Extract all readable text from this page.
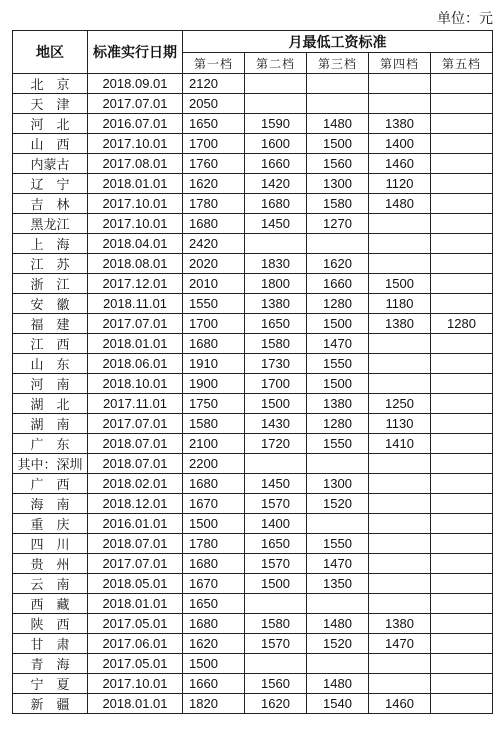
单位：元
地区	标准实行日期	月最低工资标准				
		第一档	第二档	第三档	第四档	第五档
北　京	2018.09.01	2120				
天　津	2017.07.01	2050				
河　北	2016.07.01	1650	1590	1480	1380	
山　西	2017.10.01	1700	1600	1500	1400	
内蒙古	2017.08.01	1760	1660	1560	1460	
辽　宁	2018.01.01	1620	1420	1300	1120	
吉　林	2017.10.01	1780	1680	1580	1480	
黑龙江	2017.10.01	1680	1450	1270		
上　海	2018.04.01	2420				
江　苏	2018.08.01	2020	1830	1620		
浙　江	2017.12.01	2010	1800	1660	1500	
安　徽	2018.11.01	1550	1380	1280	1180	
福　建	2017.07.01	1700	1650	1500	1380	1280
江　西	2018.01.01	1680	1580	1470		
山　东	2018.06.01	1910	1730	1550		
河　南	2018.10.01	1900	1700	1500		
湖　北	2017.11.01	1750	1500	1380	1250	
湖　南	2017.07.01	1580	1430	1280	1130	
广　东	2018.07.01	2100	1720	1550	1410	
其中：深圳	2018.07.01	2200				
广　西	2018.02.01	1680	1450	1300		
海　南	2018.12.01	1670	1570	1520		
重　庆	2016.01.01	1500	1400			
四　川	2018.07.01	1780	1650	1550		
贵　州	2017.07.01	1680	1570	1470		
云　南	2018.05.01	1670	1500	1350		
西　藏	2018.01.01	1650				
陕　西	2017.05.01	1680	1580	1480	1380	
甘　肃	2017.06.01	1620	1570	1520	1470	
青　海	2017.05.01	1500				
宁　夏	2017.10.01	1660	1560	1480		
新　疆	2018.01.01	1820	1620	1540	1460	
